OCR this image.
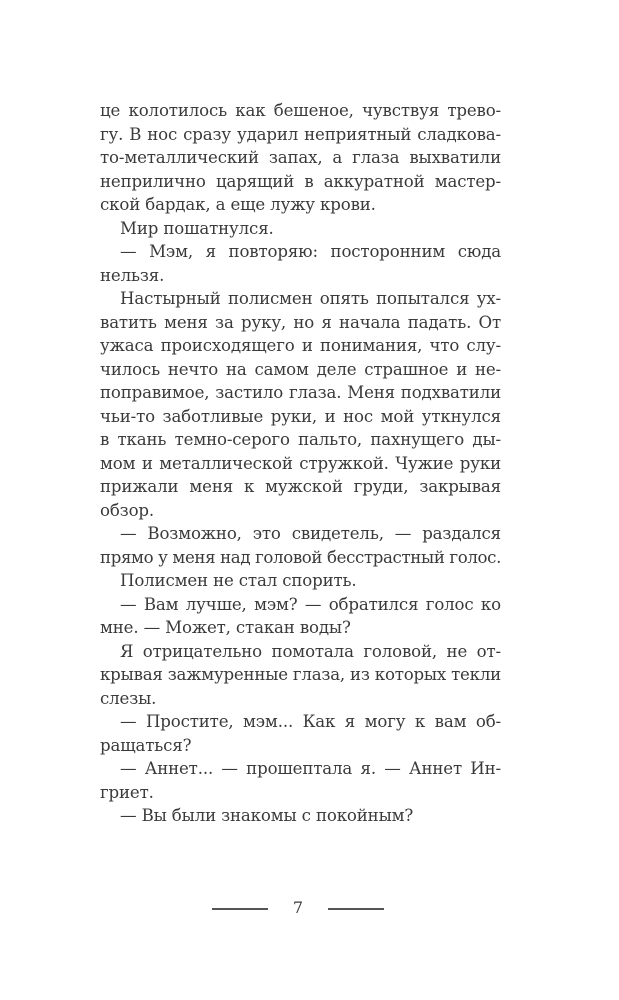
це колотилось как бешеное, чувствуя трево-
гу. В нос сразу ударил неприятный сладкова-
то-металлический запах, а глаза выхватили
неприлично царящий в аккуратной мастер-
ской бардак, а еще лужу крови.
Мир пошатнулся.
— Мэм, я повторяю: посторонним сюда
нельзя.
Настырный полисмен опять попытался ух-
ватить меня за руку, но я начала падать. От
ужаса происходящего и понимания, что слу-
чилось нечто на самом деле страшное и не-
поправимое, застило глаза. Меня подхватили
чьи-то заботливые руки, и нос мой уткнулся
в ткань темно-серого пальто, пахнущего ды-
мом и металлической стружкой. Чужие руки
прижали меня к мужской груди, закрывая
обзор.
— Возможно, это свидетель, — раздался
прямо у меня над головой бесстрастный голос.
Полисмен не стал спорить.
— Вам лучше, мэм? — обратился голос ко
мне. — Может, стакан воды?
Я отрицательно помотала головой, не от-
крывая зажмуренные глаза, из которых текли
слезы.
— Простите, мэм... Как я могу к вам об-
ращаться?
— Аннет... — прошептала я. — Аннет Ин-
гриет.
— Вы были знакомы с покойным?
7
